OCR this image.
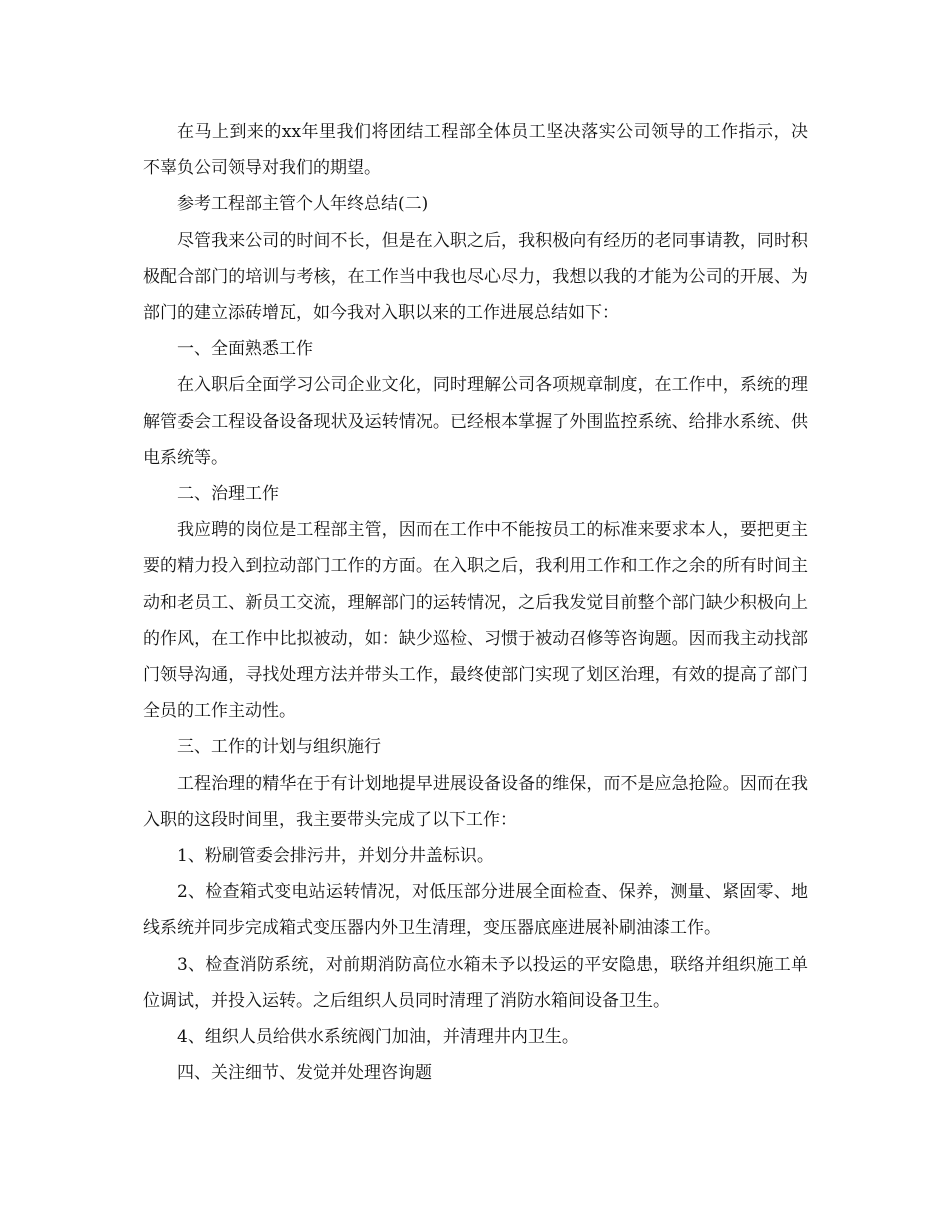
在马上到来的xx年里我们将团结工程部全体员工坚决落实公司领导的工作指示，决不辜负公司领导对我们的期望。

参考工程部主管个人年终总结(二)

尽管我来公司的时间不长，但是在入职之后，我积极向有经历的老同事请教，同时积极配合部门的培训与考核，在工作当中我也尽心尽力，我想以我的才能为公司的开展、为部门的建立添砖增瓦，如今我对入职以来的工作进展总结如下：

一、全面熟悉工作

在入职后全面学习公司企业文化，同时理解公司各项规章制度，在工作中，系统的理解管委会工程设备设备现状及运转情况。已经根本掌握了外围监控系统、给排水系统、供电系统等。

二、治理工作

我应聘的岗位是工程部主管，因而在工作中不能按员工的标准来要求本人，要把更主要的精力投入到拉动部门工作的方面。在入职之后，我利用工作和工作之余的所有时间主动和老员工、新员工交流，理解部门的运转情况，之后我发觉目前整个部门缺少积极向上的作风，在工作中比拟被动，如：缺少巡检、习惯于被动召修等咨询题。因而我主动找部门领导沟通，寻找处理方法并带头工作，最终使部门实现了划区治理，有效的提高了部门全员的工作主动性。

三、工作的计划与组织施行

工程治理的精华在于有计划地提早进展设备设备的维保，而不是应急抢险。因而在我入职的这段时间里，我主要带头完成了以下工作：

1、粉刷管委会排污井，并划分井盖标识。

2、检查箱式变电站运转情况，对低压部分进展全面检查、保养，测量、紧固零、地线系统并同步完成箱式变压器内外卫生清理，变压器底座进展补刷油漆工作。

3、检查消防系统，对前期消防高位水箱未予以投运的平安隐患，联络并组织施工单位调试，并投入运转。之后组织人员同时清理了消防水箱间设备卫生。

4、组织人员给供水系统阀门加油，并清理井内卫生。

四、关注细节、发觉并处理咨询题
